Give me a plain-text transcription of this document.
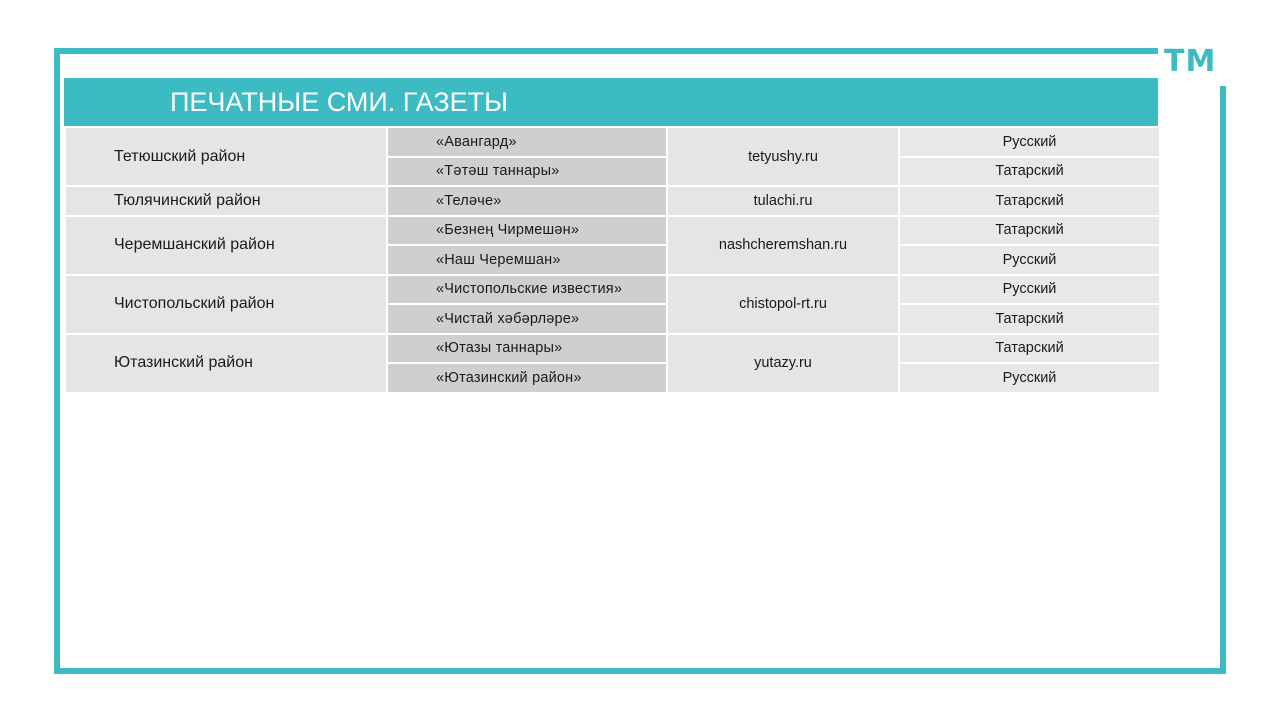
TM
ПЕЧАТНЫЕ СМИ. ГАЗЕТЫ
Тетюшский район	«Авангард»	tetyushy.ru	Русский
	«Тәтәш таннары»		Татарский
Тюлячинский район	«Теләче»	tulachi.ru	Татарский
Черемшанский район	«Безнең Чирмешән»	nashcheremshan.ru	Татарский
	«Наш Черемшан»		Русский
Чистопольский район	«Чистопольские известия»	chistopol-rt.ru	Русский
	«Чистай хәбәрләре»		Татарский
Ютазинский район	«Ютазы таннары»	yutazy.ru	Татарский
	«Ютазинский район»		Русский
